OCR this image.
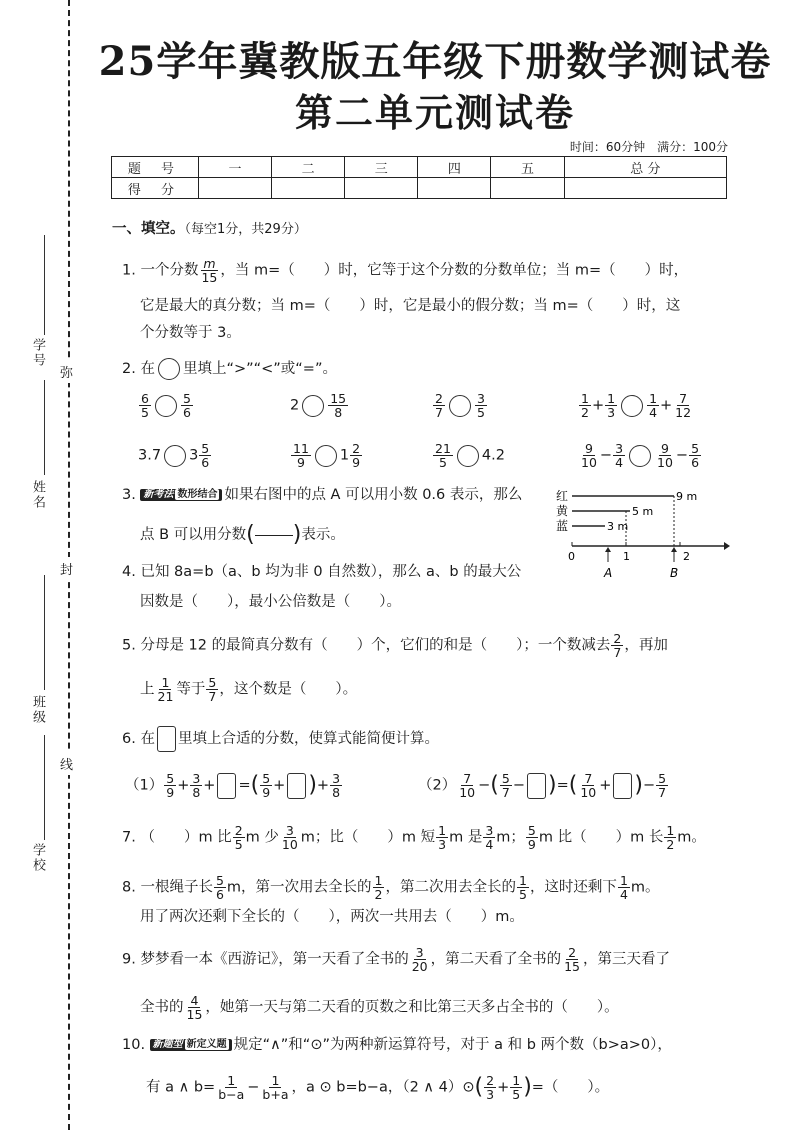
学号
姓名
班级
学校
弥
封
线
25学年冀教版五年级下册数学测试卷
第二单元测试卷
时间：60分钟　满分：100分
题 号	一	二	三	四	五	总 分
得 分						
一、填空。（每空1分，共29分）
1. 一个分数 $\frac{m}{15}$ ，当 m=（　　）时，它等于这个分数的分数单位；当 m=（　　）时，
它是最大的真分数；当 m=（　　）时，它是最小的假分数；当 m=（　　）时，这
个分数等于 3。
2. 在 里填上“>”“<”或“=”。
$\frac{6}{5} \frac{5}{6}$	$2 \frac{15}{8}$	$\frac{2}{7} \frac{3}{5}$	$\frac{1}{2} + \frac{1}{3} \frac{1}{4} + \frac{7}{12}$
3.7 $3 \frac{5}{6}$	$\frac{11}{9} 1 \frac{2}{9}$	$\frac{21}{5} 4.2$	$\frac{9}{10} - \frac{3}{4} \frac{9}{10} - \frac{5}{6}$
3. 新考法 数形结合 如果右图中的点 A 可以用小数 0.6 表示，那么
点 B 可以用分数( )表示。
红
黄
蓝
9 m
5 m
3 m
0	1	2
A	B
4. 已知 8a=b（a、b 均为非 0 自然数），那么 a、b 的最大公
因数是（　　），最小公倍数是（　　）。
5. 分母是 12 的最简真分数有（　　）个，它们的和是（　　）；一个数减去 $\frac{2}{7}$ ，再加
上 $\frac{1}{21}$ 等于 $\frac{5}{7}$ ，这个数是（　　）。
6. 在 里填上合适的分数，使算式能简便计算。
$(1) \frac{5}{9} + \frac{3}{8}$ + =( $\frac{5}{9}$ + )+ $\frac{3}{8}$	$(2) \frac{7}{10}$ −( $\frac{5}{7}$ − )=( $\frac{7}{10}$ + )− $\frac{5}{7}$
7. （　　）m 比 $\frac{2}{5}$ m 少 $\frac{3}{10}$ m；比（　　）m 短 $\frac{1}{3}$ m 是 $\frac{3}{4}$ m； $\frac{5}{9}$ m 比（　　）m 长 $\frac{1}{2}$ m。
8. 一根绳子长 $\frac{5}{6}$ m，第一次用去全长的 $\frac{1}{2}$ ，第二次用去全长的 $\frac{1}{5}$ ，这时还剩下 $\frac{1}{4}$ m。
用了两次还剩下全长的（　　），两次一共用去（　　）m。
9. 梦梦看一本《西游记》，第一天看了全书的 $\frac{3}{20}$ ，第二天看了全书的 $\frac{2}{15}$ ，第三天看了
全书的 $\frac{4}{15}$ ，她第一天与第二天看的页数之和比第三天多占全书的（　　）。
10. 新题型 新定义题 规定“∧”和“⊙”为两种新运算符号，对于 a 和 b 两个数（b>a>0），
有 a ∧ $b= \frac{1}{b-a} - \frac{1}{b+a}$ ，a ⊙ b=b−a，（2 ∧ 4）⊙( $\frac{2}{3} + \frac{1}{5}$ )=（　　）。
